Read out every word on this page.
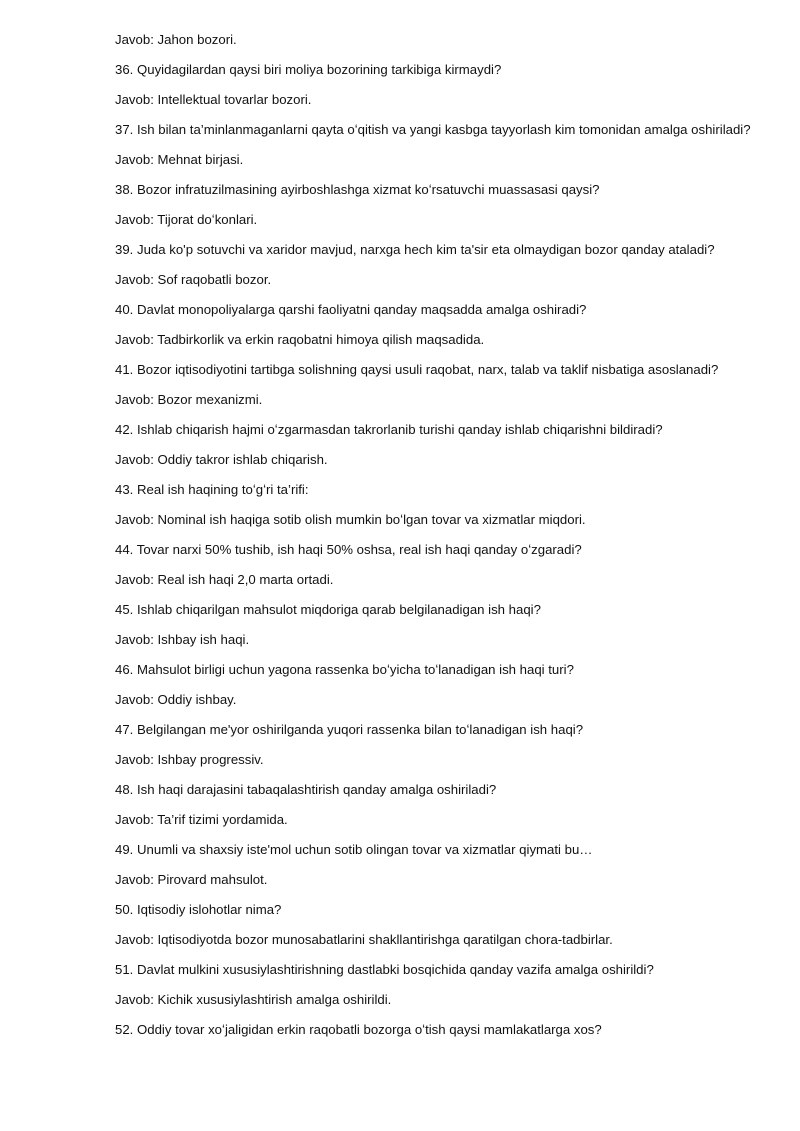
Javob: Jahon bozori.

36. Quyidagilardan qaysi biri moliya bozorining tarkibiga kirmaydi?

Javob: Intellektual tovarlar bozori.

37. Ish bilan ta’minlanmaganlarni qayta oʻqitish va yangi kasbga tayyorlash kim tomonidan amalga oshiriladi?

Javob: Mehnat birjasi.

38. Bozor infratuzilmasining ayirboshlashga xizmat koʻrsatuvchi muassasasi qaysi?

Javob: Tijorat doʻkonlari.

39. Juda ko'p sotuvchi va xaridor mavjud, narxga hech kim ta'sir eta olmaydigan bozor qanday ataladi?

Javob: Sof raqobatli bozor.

40. Davlat monopoliyalarga qarshi faoliyatni qanday maqsadda amalga oshiradi?

Javob: Tadbirkorlik va erkin raqobatni himoya qilish maqsadida.

41. Bozor iqtisodiyotini tartibga solishning qaysi usuli raqobat, narx, talab va taklif nisbatiga asoslanadi?

Javob: Bozor mexanizmi.

42. Ishlab chiqarish hajmi oʻzgarmasdan takrorlanib turishi qanday ishlab chiqarishni bildiradi?

Javob: Oddiy takror ishlab chiqarish.

43. Real ish haqining toʻgʻri ta’rifi:

Javob: Nominal ish haqiga sotib olish mumkin boʻlgan tovar va xizmatlar miqdori.

44. Tovar narxi 50% tushib, ish haqi 50% oshsa, real ish haqi qanday oʻzgaradi?

Javob: Real ish haqi 2,0 marta ortadi.

45. Ishlab chiqarilgan mahsulot miqdoriga qarab belgilanadigan ish haqi?

Javob: Ishbay ish haqi.

46. Mahsulot birligi uchun yagona rassenka boʻyicha toʻlanadigan ish haqi turi?

Javob: Oddiy ishbay.

47. Belgilangan me'yor oshirilganda yuqori rassenka bilan toʻlanadigan ish haqi?

Javob: Ishbay progressiv.

48. Ish haqi darajasini tabaqalashtirish qanday amalga oshiriladi?

Javob: Ta’rif tizimi yordamida.

49. Unumli va shaxsiy iste'mol uchun sotib olingan tovar va xizmatlar qiymati bu…

Javob: Pirovard mahsulot.

50. Iqtisodiy islohotlar nima?

Javob: Iqtisodiyotda bozor munosabatlarini shakllantirishga qaratilgan chora-tadbirlar.

51. Davlat mulkini xususiylashtirishning dastlabki bosqichida qanday vazifa amalga oshirildi?

Javob: Kichik xususiylashtirish amalga oshirildi.

52. Oddiy tovar xoʻjaligidan erkin raqobatli bozorga oʻtish qaysi mamlakatlarga xos?
